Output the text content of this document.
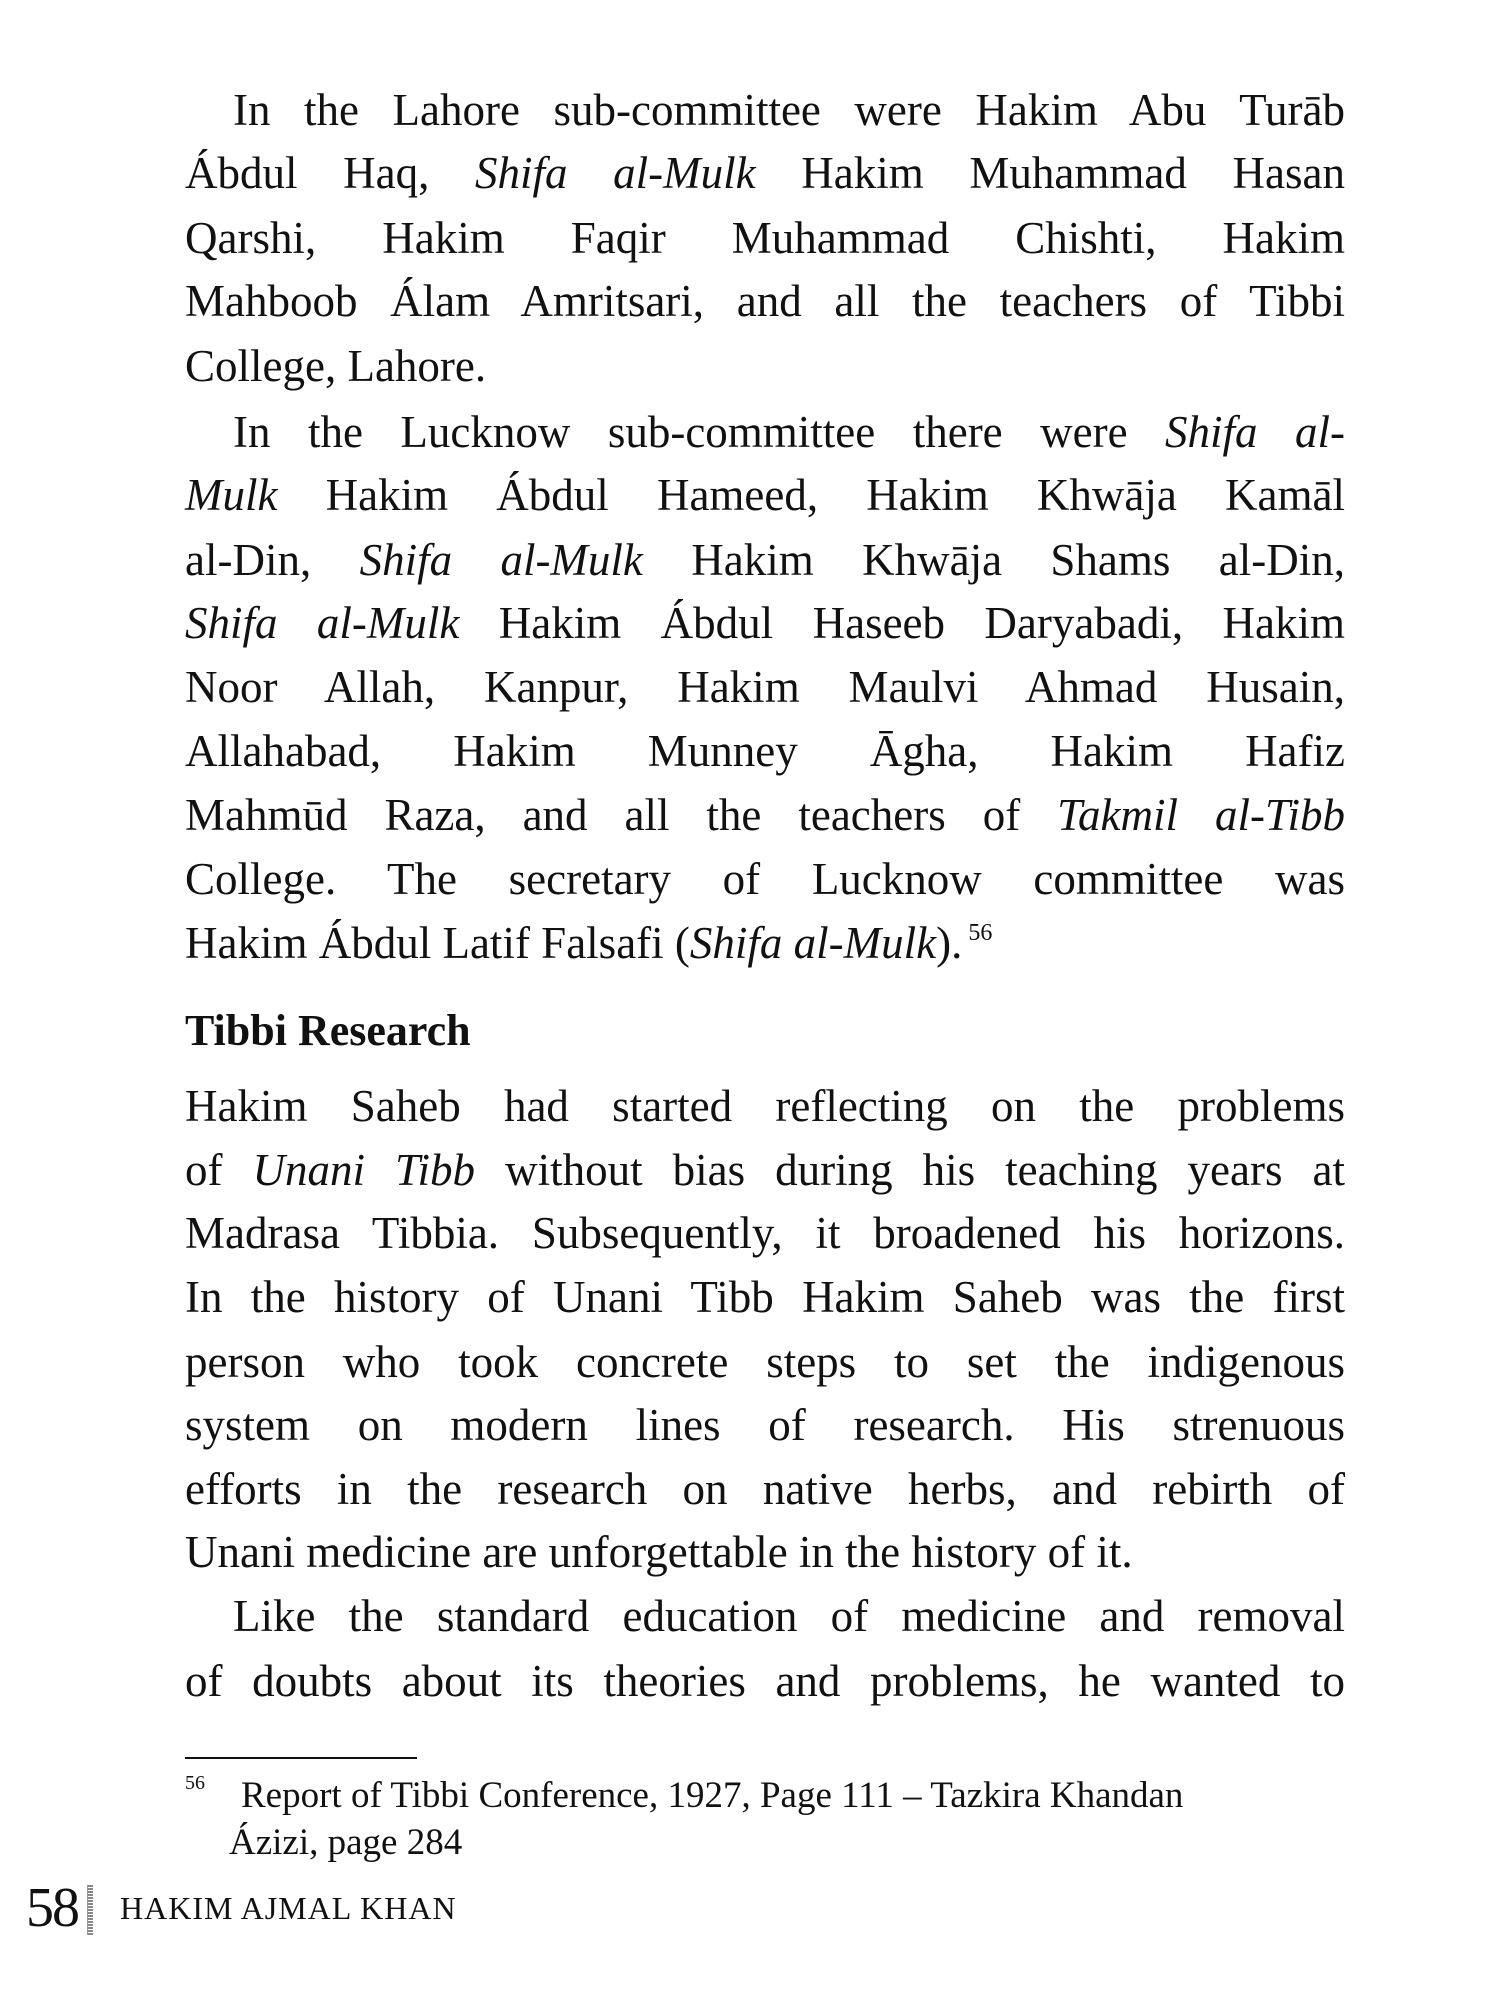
In the Lahore sub-committee were Hakim Abu Turāb
Ábdul Haq, Shifa al-Mulk Hakim Muhammad Hasan
Qarshi, Hakim Faqir Muhammad Chishti, Hakim
Mahboob Álam Amritsari, and all the teachers of Tibbi
College, Lahore.
In the Lucknow sub-committee there were Shifa al-
Mulk Hakim Ábdul Hameed, Hakim Khwāja Kamāl
al-Din, Shifa al-Mulk Hakim Khwāja Shams al-Din,
Shifa al-Mulk Hakim Ábdul Haseeb Daryabadi, Hakim
Noor Allah, Kanpur, Hakim Maulvi Ahmad Husain,
Allahabad, Hakim Munney Āgha, Hakim Hafiz
Mahmūd Raza, and all the teachers of Takmil al-Tibb
College. The secretary of Lucknow committee was
Hakim Ábdul Latif Falsafi (Shifa al-Mulk). $^{56}$
Hakim Saheb had started reflecting on the problems
of Unani Tibb without bias during his teaching years at
Madrasa Tibbia. Subsequently, it broadened his horizons.
In the history of Unani Tibb Hakim Saheb was the first
person who took concrete steps to set the indigenous
system on modern lines of research. His strenuous
efforts in the research on native herbs, and rebirth of
Unani medicine are unforgettable in the history of it.
Like the standard education of medicine and removal
of doubts about its theories and problems, he wanted to
Tibbi Research
56 Report of Tibbi Conference, 1927, Page 111 – Tazkira Khandan
Ázizi, page 284
58 HAKIM AJMAL KHAN
